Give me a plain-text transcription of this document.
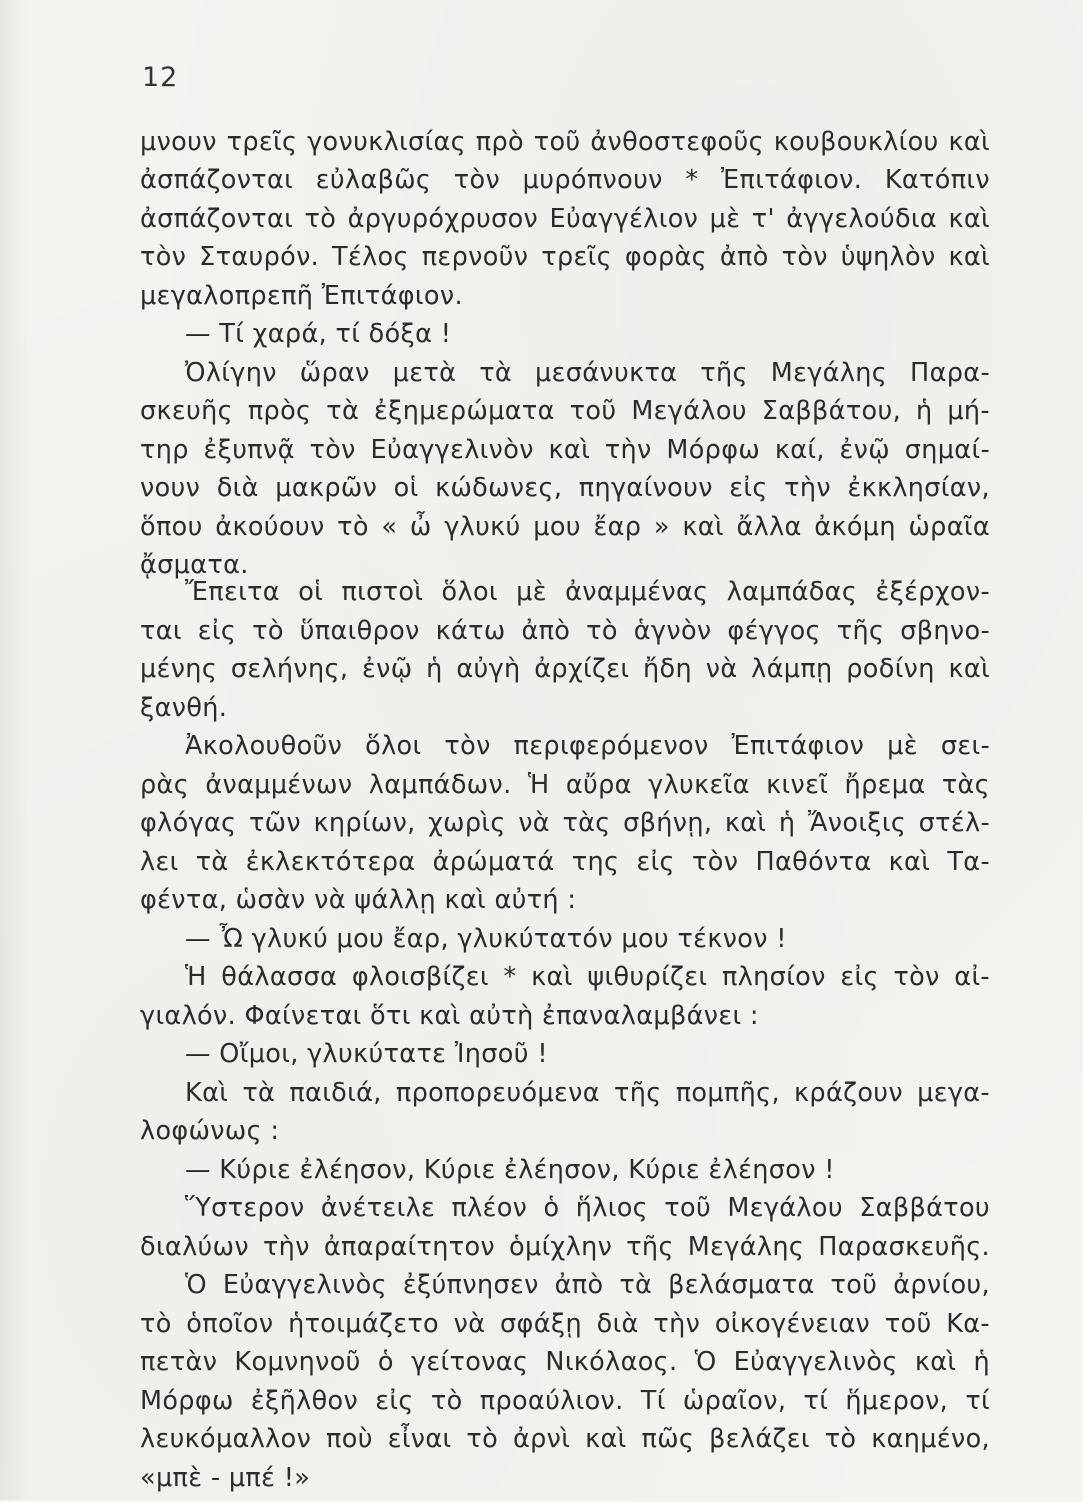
12
μνουν τρεῖς γονυκλισίας πρὸ τοῦ ἀνθοστεφοῦς κουβουκλίου καὶ
ἀσπάζονται εὐλαβῶς τὸν μυρόπνουν * Ἐπιτάφιον. Κατόπιν
ἀσπάζονται τὸ ἀργυρόχρυσον Εὐαγγέλιον μὲ τ' ἀγγελούδια καὶ
τὸν Σταυρόν. Τέλος περνοῦν τρεῖς φορὰς ἀπὸ τὸν ὑψηλὸν καὶ
μεγαλοπρεπῆ Ἐπιτάφιον.
— Τί χαρά, τί δόξα !
Ὀλίγην ὥραν μετὰ τὰ μεσάνυκτα τῆς Μεγάλης Παρα-
σκευῆς πρὸς τὰ ἐξημερώματα τοῦ Μεγάλου Σαββάτου, ἡ μή-
τηρ ἐξυπνᾷ τὸν Εὐαγγελινὸν καὶ τὴν Μόρφω καί, ἐνῷ σημαί-
νουν διὰ μακρῶν οἱ κώδωνες, πηγαίνουν εἰς τὴν ἐκκλησίαν,
ὅπου ἀκούουν τὸ « ὦ γλυκύ μου ἔαρ » καὶ ἄλλα ἀκόμη ὡραῖα
ᾄσματα.
Ἔπειτα οἱ πιστοὶ ὅλοι μὲ ἀναμμένας λαμπάδας ἐξέρχον-
ται εἰς τὸ ὕπαιθρον κάτω ἀπὸ τὸ ἁγνὸν φέγγος τῆς σβηνο-
μένης σελήνης, ἐνῷ ἡ αὐγὴ ἀρχίζει ἤδη νὰ λάμπῃ ροδίνη καὶ
ξανθή.
Ἀκολουθοῦν ὅλοι τὸν περιφερόμενον Ἐπιτάφιον μὲ σει-
ρὰς ἀναμμένων λαμπάδων. Ἡ αὔρα γλυκεῖα κινεῖ ἤρεμα τὰς
φλόγας τῶν κηρίων, χωρὶς νὰ τὰς σβήνῃ, καὶ ἡ Ἄνοιξις στέλ-
λει τὰ ἐκλεκτότερα ἀρώματά της εἰς τὸν Παθόντα καὶ Τα-
φέντα, ὡσὰν νὰ ψάλλῃ καὶ αὐτή :
— Ὦ γλυκύ μου ἔαρ, γλυκύτατόν μου τέκνον !
Ἡ θάλασσα φλοισβίζει * καὶ ψιθυρίζει πλησίον εἰς τὸν αἰ-
γιαλόν. Φαίνεται ὅτι καὶ αὐτὴ ἐπαναλαμβάνει :
— Οἴμοι, γλυκύτατε Ἰησοῦ !
Καὶ τὰ παιδιά, προπορευόμενα τῆς πομπῆς, κράζουν μεγα-
λοφώνως :
— Κύριε ἐλέησον, Κύριε ἐλέησον, Κύριε ἐλέησον !
Ὕστερον ἀνέτειλε πλέον ὁ ἥλιος τοῦ Μεγάλου Σαββάτου
διαλύων τὴν ἀπαραίτητον ὁμίχλην τῆς Μεγάλης Παρασκευῆς.
Ὁ Εὐαγγελινὸς ἐξύπνησεν ἀπὸ τὰ βελάσματα τοῦ ἀρνίου,
τὸ ὁποῖον ἡτοιμάζετο νὰ σφάξῃ διὰ τὴν οἰκογένειαν τοῦ Κα-
πετὰν Κομνηνοῦ ὁ γείτονας Νικόλαος. Ὁ Εὐαγγελινὸς καὶ ἡ
Μόρφω ἐξῆλθον εἰς τὸ προαύλιον. Τί ὡραῖον, τί ἥμερον, τί
λευκόμαλλον ποὺ εἶναι τὸ ἀρνὶ καὶ πῶς βελάζει τὸ καημένο,
«μπὲ - μπέ !»
